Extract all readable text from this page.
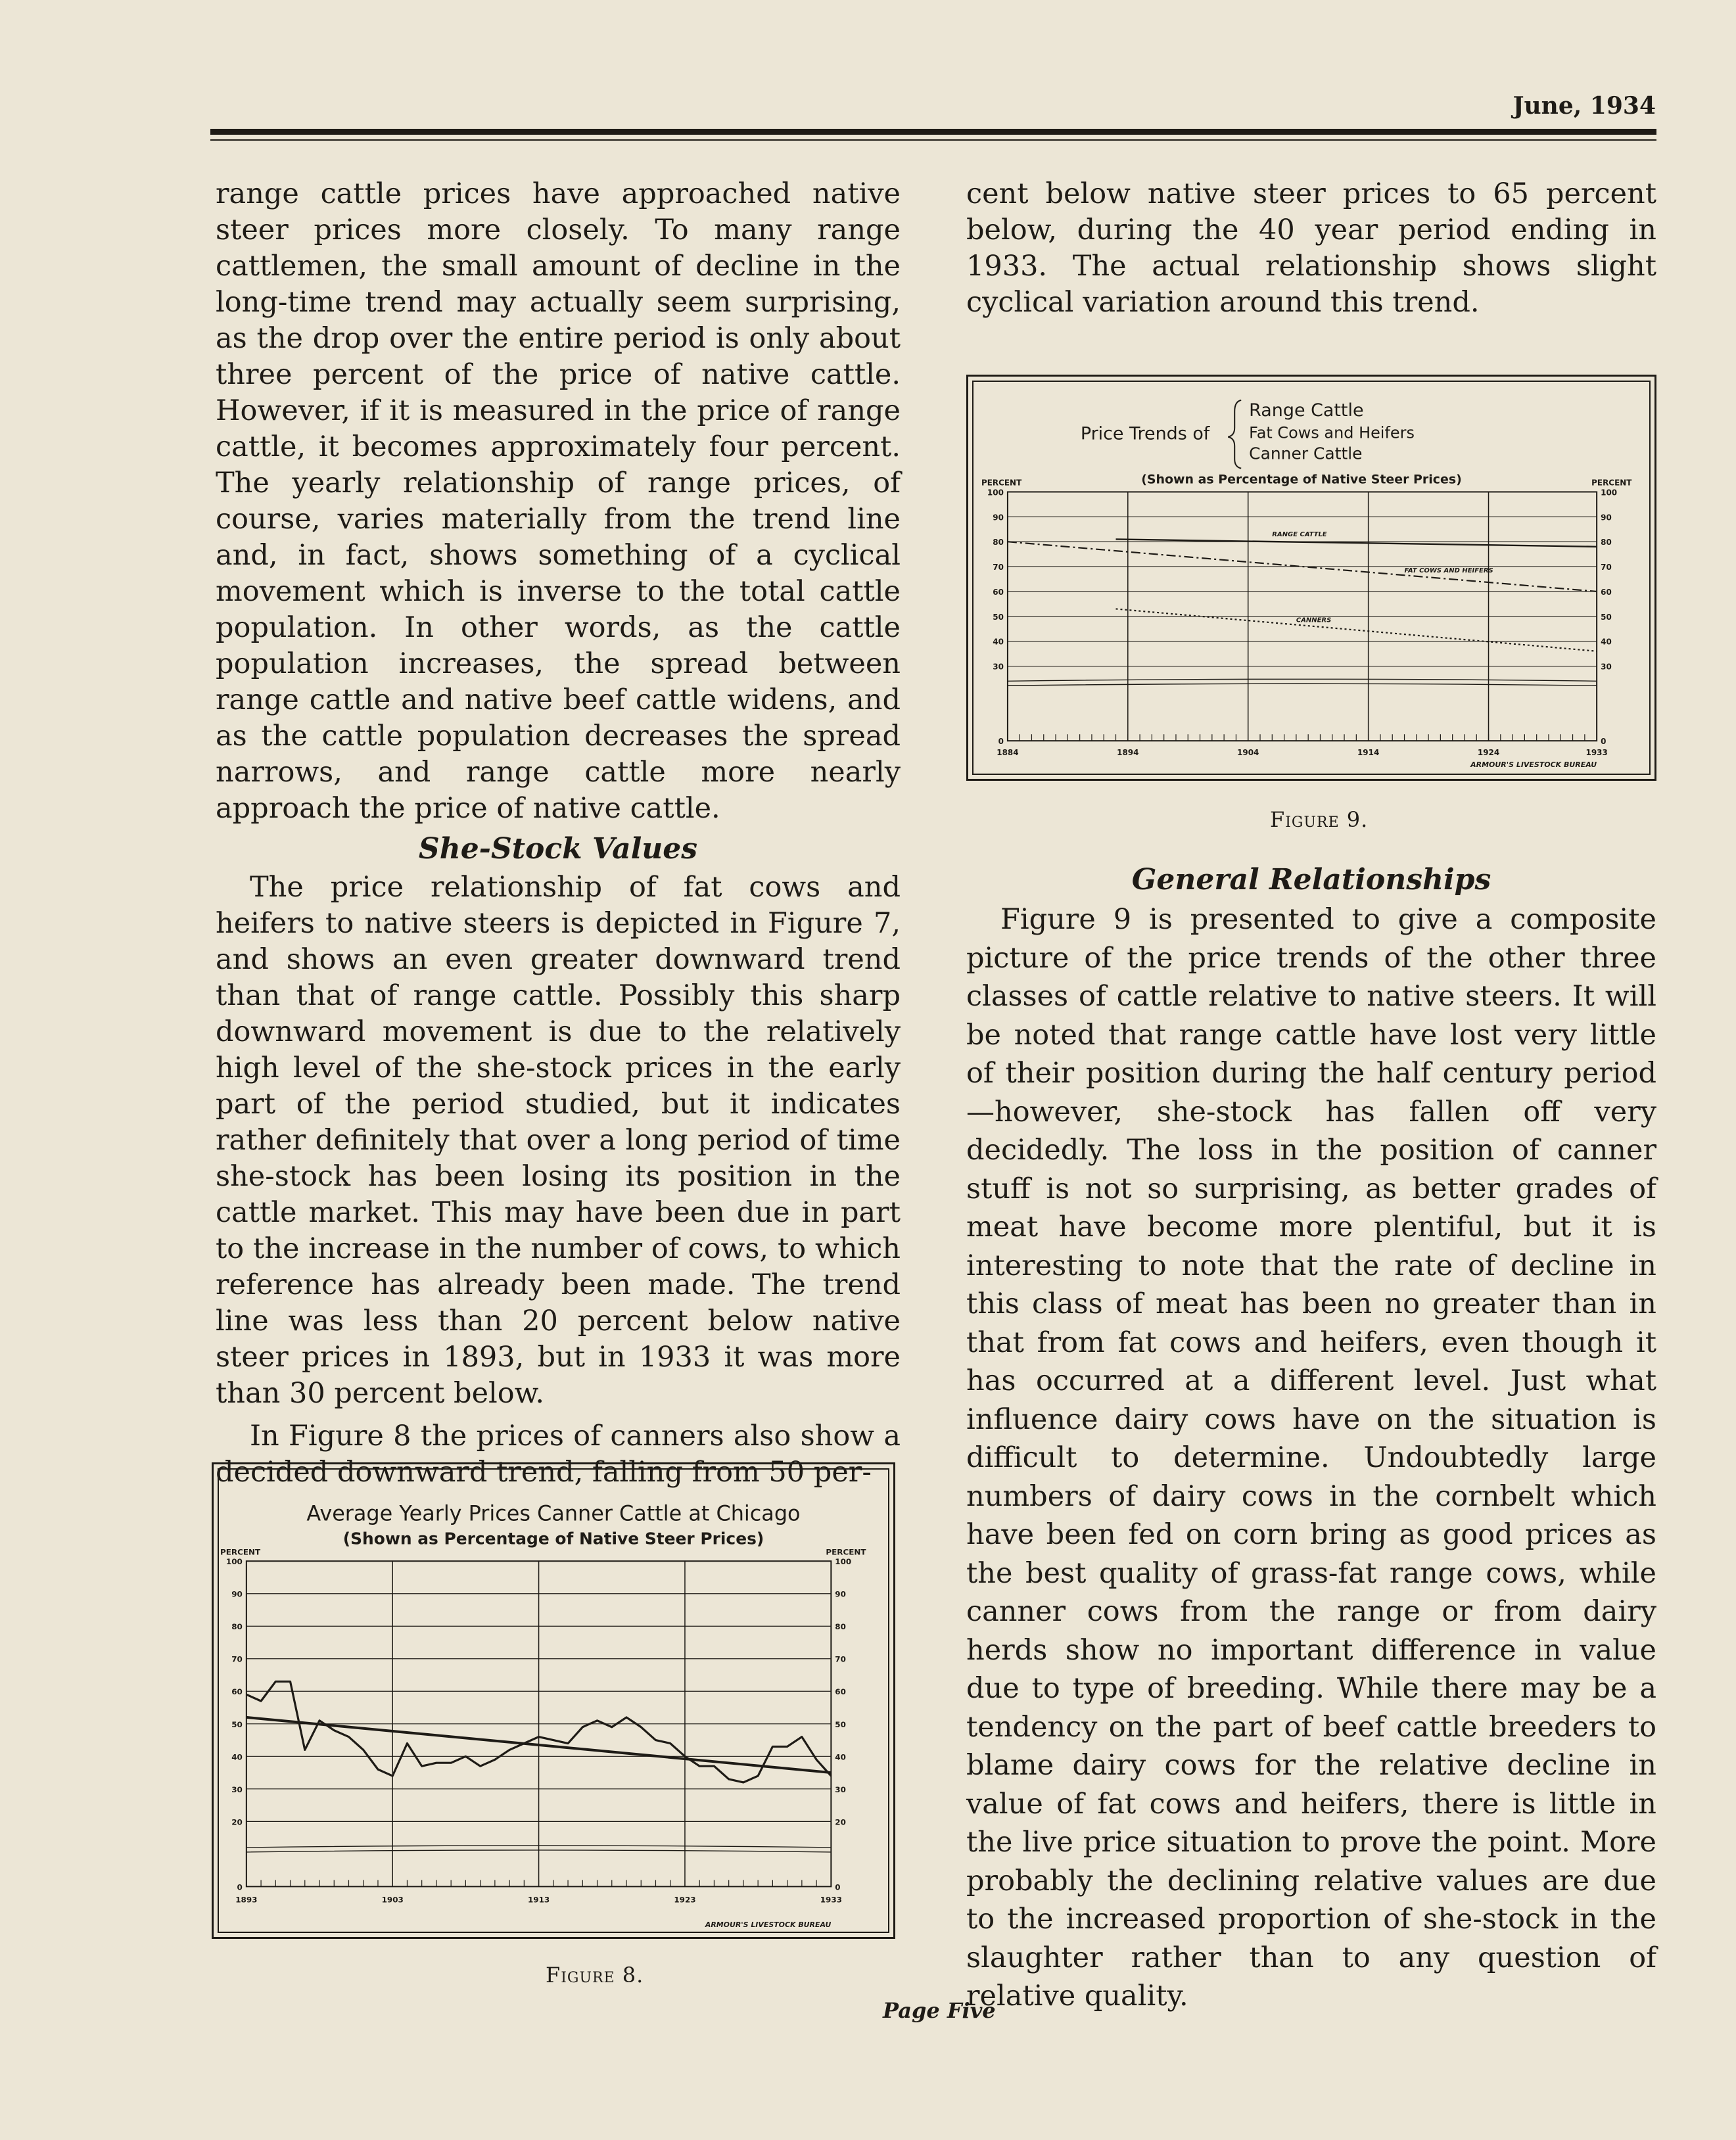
June, 1934

range cattle prices have approached native steer prices more closely. To many range cattlemen, the small amount of decline in the long-time trend may actually seem surprising, as the drop over the entire period is only about three percent of the price of native cattle. However, if it is measured in the price of range cattle, it becomes approximately four percent. The yearly relationship of range prices, of course, varies materially from the trend line and, in fact, shows something of a cyclical movement which is inverse to the total cattle population. In other words, as the cattle population increases, the spread between range cattle and native beef cattle widens, and as the cattle population decreases the spread narrows, and range cattle more nearly approach the price of native cattle.

She-Stock Values

The price relationship of fat cows and heifers to native steers is depicted in Figure 7, and shows an even greater downward trend than that of range cattle. Possibly this sharp downward movement is due to the relatively high level of the she-stock prices in the early part of the period studied, but it indicates rather definitely that over a long period of time she-stock has been losing its position in the cattle market. This may have been due in part to the increase in the number of cows, to which reference has already been made. The trend line was less than 20 percent below native steer prices in 1893, but in 1933 it was more than 30 percent below.

In Figure 8 the prices of canners also show a decided downward trend, falling from 50 per-

cent below native steer prices to 65 percent below, during the 40 year period ending in 1933. The actual relationship shows slight cyclical variation around this trend.

1884	1894	1904	1914	1924	1933
0	0
30	30
40	40
50	50
60	60
70	70
80	80
90	90
100	100
PERCENT	PERCENT
ARMOUR'S LIVESTOCK BUREAU
Price Trends of
Range Cattle
Fat Cows and Heifers
Canner Cattle
(Shown as Percentage of Native Steer Prices)
RANGE CATTLE
FAT COWS AND HEIFERS
CANNERS
Figure 9.
General Relationships

Figure 9 is presented to give a composite picture of the price trends of the other three classes of cattle relative to native steers. It will be noted that range cattle have lost very little of their position during the half century period—however, she-stock has fallen off very decidedly. The loss in the position of canner stuff is not so surprising, as better grades of meat have become more plentiful, but it is interesting to note that the rate of decline in this class of meat has been no greater than in that from fat cows and heifers, even though it has occurred at a different level. Just what influence dairy cows have on the situation is difficult to determine. Undoubtedly large numbers of dairy cows in the cornbelt which have been fed on corn bring as good prices as the best quality of grass-fat range cows, while canner cows from the range or from dairy herds show no important difference in value due to type of breeding. While there may be a tendency on the part of beef cattle breeders to blame dairy cows for the relative decline in value of fat cows and heifers, there is little in the live price situation to prove the point. More probably the declining relative values are due to the increased proportion of she-stock in the slaughter rather than to any question of relative quality.

1893	1903	1913	1923	1933
0	0
20	20
30	30
40	40
50	50
60	60
70	70
80	80
90	90
100	100
PERCENT	PERCENT
ARMOUR'S LIVESTOCK BUREAU
Average Yearly Prices Canner Cattle at Chicago
(Shown as Percentage of Native Steer Prices)
Figure 8.
Page Five
